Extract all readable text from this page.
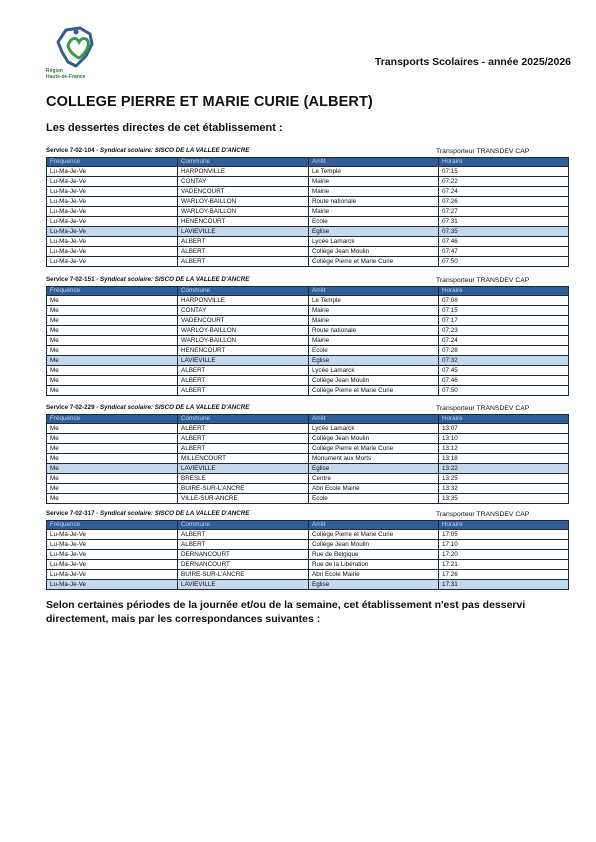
Région
Hauts-de-France
Transports Scolaires - année 2025/2026
COLLEGE PIERRE ET MARIE CURIE (ALBERT)
Les dessertes directes de cet établissement :
Service 7-02-104 - Syndicat scolaire: SISCO DE LA VALLEE D'ANCRE	Transporteur TRANSDEV CAP
Fréquence	Commune	Arrêt	Horaire
Lu-Ma-Je-Ve	HARPONVILLE	Le Temple	07:15
Lu-Ma-Je-Ve	CONTAY	Mairie	07:22
Lu-Ma-Je-Ve	VADENCOURT	Mairie	07:24
Lu-Ma-Je-Ve	WARLOY-BAILLON	Route nationale	07:26
Lu-Ma-Je-Ve	WARLOY-BAILLON	Mairie	07:27
Lu-Ma-Je-Ve	HENENCOURT	Ecole	07:31
Lu-Ma-Je-Ve	LAVIEVILLE	Eglise	07:35
Lu-Ma-Je-Ve	ALBERT	Lycée Lamarck	07:46
Lu-Ma-Je-Ve	ALBERT	Collège Jean Moulin	07:47
Lu-Ma-Je-Ve	ALBERT	Collège Pierre et Marie Curie	07:50
Service 7-02-151 - Syndicat scolaire: SISCO DE LA VALLEE D'ANCRE	Transporteur TRANSDEV CAP
Fréquence	Commune	Arrêt	Horaire
Me	HARPONVILLE	Le Temple	07:08
Me	CONTAY	Mairie	07:15
Me	VADENCOURT	Mairie	07:17
Me	WARLOY-BAILLON	Route nationale	07:23
Me	WARLOY-BAILLON	Mairie	07:24
Me	HENENCOURT	Ecole	07:28
Me	LAVIEVILLE	Eglise	07:32
Me	ALBERT	Lycée Lamarck	07:45
Me	ALBERT	Collège Jean Moulin	07:46
Me	ALBERT	Collège Pierre et Marie Curie	07:50
Service 7-02-229 - Syndicat scolaire: SISCO DE LA VALLEE D'ANCRE	Transporteur TRANSDEV CAP
Fréquence	Commune	Arrêt	Horaire
Me	ALBERT	Lycée Lamarck	13:07
Me	ALBERT	Collège Jean Moulin	13:10
Me	ALBERT	Collège Pierre et Marie Curie	13:12
Me	MILLENCOURT	Monument aux Morts	13:18
Me	LAVIEVILLE	Eglise	13:22
Me	BRESLE	Centre	13:25
Me	BUIRE-SUR-L'ANCRE	Abri Ecole Mairie	13:32
Me	VILLE-SUR-ANCRE	Ecole	13:35
Service 7-02-317 - Syndicat scolaire: SISCO DE LA VALLEE D'ANCRE	Transporteur TRANSDEV CAP
Fréquence	Commune	Arrêt	Horaire
Lu-Ma-Je-Ve	ALBERT	Collège Pierre et Marie Curie	17:05
Lu-Ma-Je-Ve	ALBERT	Collège Jean Moulin	17:10
Lu-Ma-Je-Ve	DERNANCOURT	Rue de Belgique	17:20
Lu-Ma-Je-Ve	DERNANCOURT	Rue de la Libération	17:21
Lu-Ma-Je-Ve	BUIRE-SUR-L'ANCRE	Abri Ecole Mairie	17:26
Lu-Ma-Je-Ve	LAVIEVILLE	Eglise	17:31
Selon certaines périodes de la journée et/ou de la semaine, cet établissement n'est pas desservi directement, mais par les correspondances suivantes :
